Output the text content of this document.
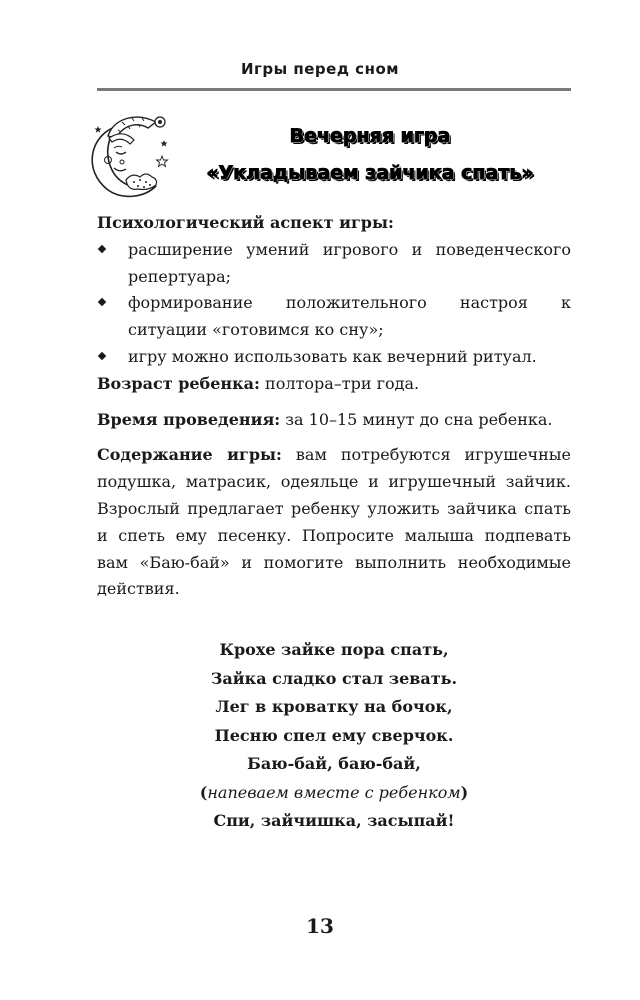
Игры перед сном
Вечерняя игра
«Укладываем зайчика спать»

Психологический аспект игры:

расширение умений игрового и поведенческого репертуара;
формирование положительного настроя к ситуации «готовимся ко сну»;
игру можно использовать как вечерний ритуал.

Возраст ребенка: полтора–три года.

Время проведения: за 10–15 минут до сна ребенка.

Содержание игры: вам потребуются игрушечные подушка, матрасик, одеяльце и игрушечный зайчик. Взрослый предлагает ребенку уложить зайчика спать и спеть ему песенку. Попросите малыша подпевать вам «Баю-бай» и помогите выполнить необходимые действия.

Крохе зайке пора спать,
Зайка сладко стал зевать.
Лег в кроватку на бочок,
Песню спел ему сверчок.
Баю-бай, баю-бай,
(напеваем вместе с ребенком)
Спи, зайчишка, засыпай!
13
